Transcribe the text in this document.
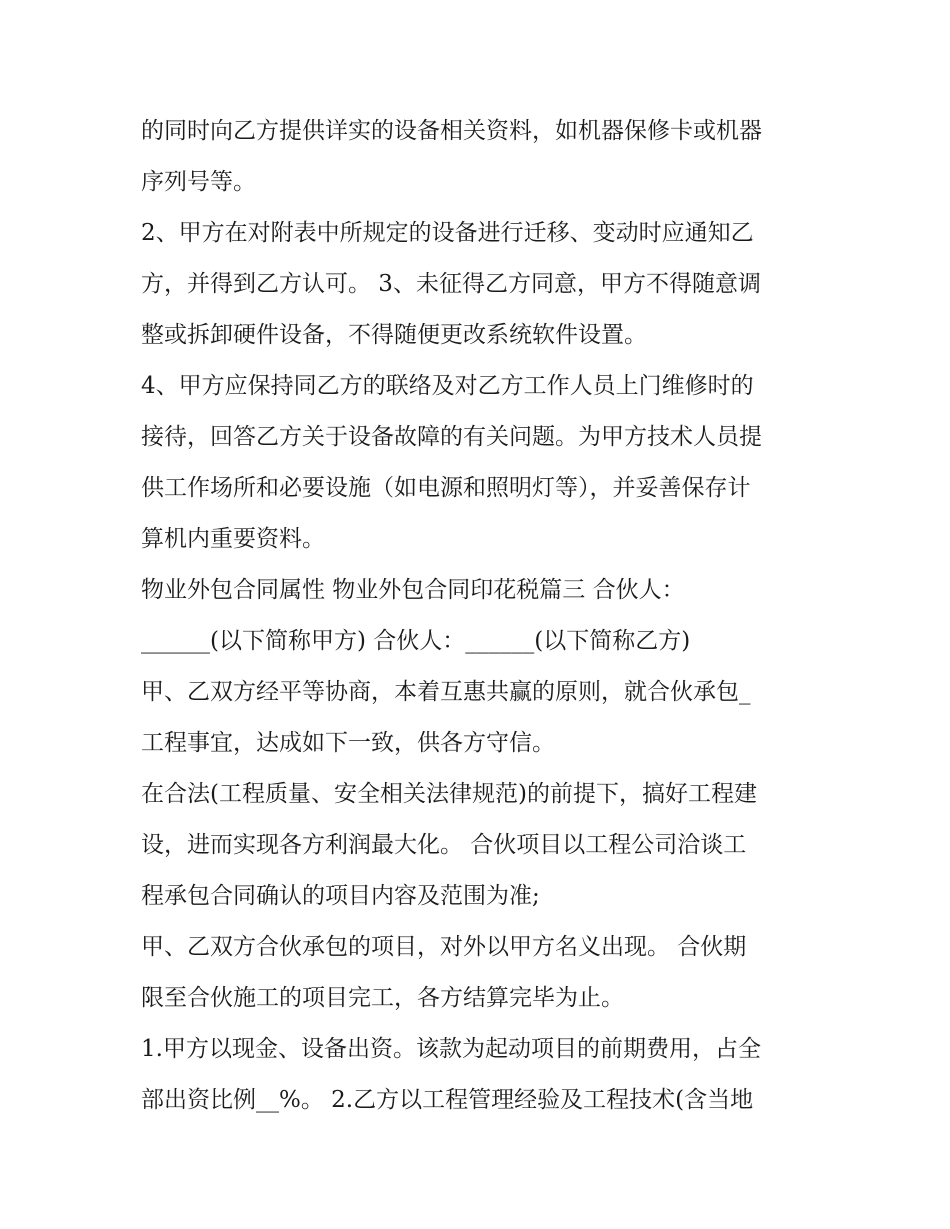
的同时向乙方提供详实的设备相关资料，如机器保修卡或机器
序列号等。
2、甲方在对附表中所规定的设备进行迁移、变动时应通知乙
方，并得到乙方认可。 3、未征得乙方同意，甲方不得随意调
整或拆卸硬件设备，不得随便更改系统软件设置。
4、甲方应保持同乙方的联络及对乙方工作人员上门维修时的
接待，回答乙方关于设备故障的有关问题。为甲方技术人员提
供工作场所和必要设施（如电源和照明灯等），并妥善保存计
算机内重要资料。
物业外包合同属性 物业外包合同印花税篇三 合伙人：
______(以下简称甲方) 合伙人：______(以下简称乙方)
甲、乙双方经平等协商，本着互惠共赢的原则，就合伙承包_
工程事宜，达成如下一致，供各方守信。
在合法(工程质量、安全相关法律规范)的前提下，搞好工程建
设，进而实现各方利润最大化。 合伙项目以工程公司洽谈工
程承包合同确认的项目内容及范围为准;
甲、乙双方合伙承包的项目，对外以甲方名义出现。 合伙期
限至合伙施工的项目完工，各方结算完毕为止。
1.甲方以现金、设备出资。该款为起动项目的前期费用，占全
部出资比例__%。 2.乙方以工程管理经验及工程技术(含当地
